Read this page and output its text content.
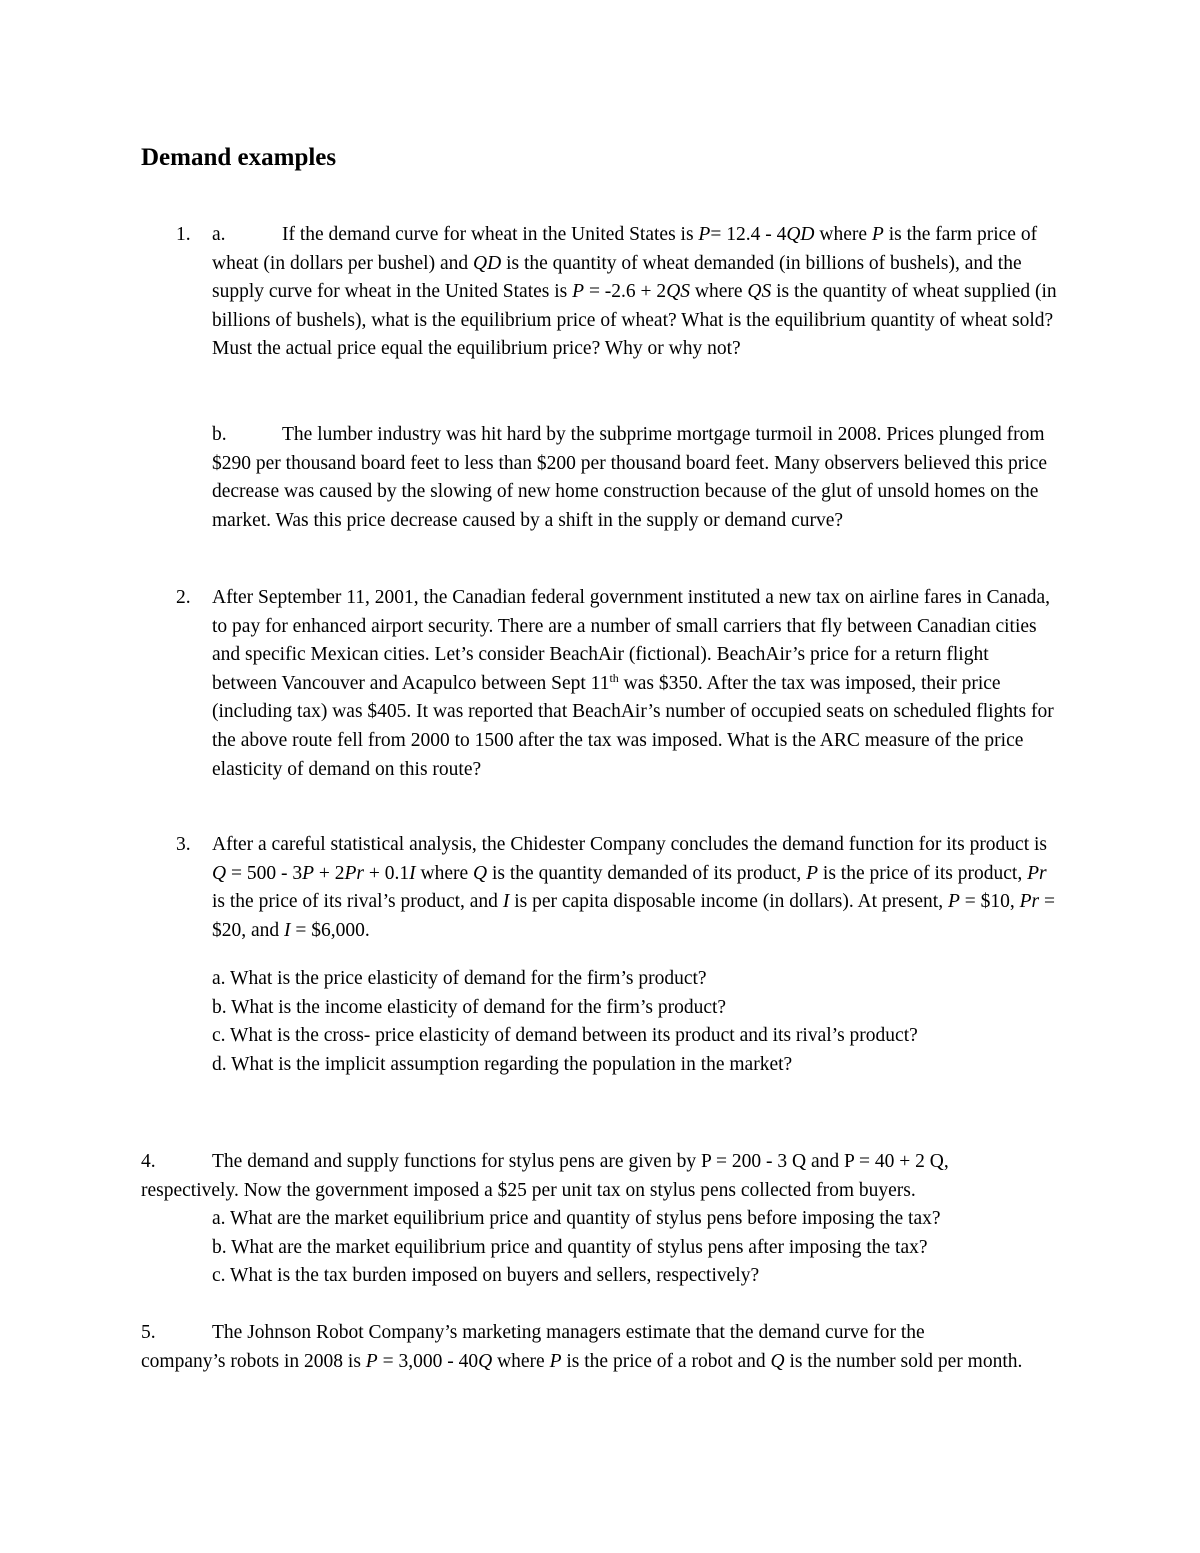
Demand examples
1. a.	If the demand curve for wheat in the United States is P= 12.4 - 4QD where P is the farm price of wheat (in dollars per bushel) and QD is the quantity of wheat demanded (in billions of bushels), and the supply curve for wheat in the United States is P = -2.6 + 2QS where QS is the quantity of wheat supplied (in billions of bushels), what is the equilibrium price of wheat? What is the equilibrium quantity of wheat sold? Must the actual price equal the equilibrium price? Why or why not?

b.	The lumber industry was hit hard by the subprime mortgage turmoil in 2008. Prices plunged from $290 per thousand board feet to less than $200 per thousand board feet. Many observers believed this price decrease was caused by the slowing of new home construction because of the glut of unsold homes on the market. Was this price decrease caused by a shift in the supply or demand curve?

2. After September 11, 2001, the Canadian federal government instituted a new tax on airline fares in Canada, to pay for enhanced airport security. There are a number of small carriers that fly between Canadian cities and specific Mexican cities. Let’s consider BeachAir (fictional). BeachAir’s price for a return flight between Vancouver and Acapulco between Sept 11th was $350. After the tax was imposed, their price (including tax) was $405. It was reported that BeachAir’s number of occupied seats on scheduled flights for the above route fell from 2000 to 1500 after the tax was imposed. What is the ARC measure of the price elasticity of demand on this route?

3. After a careful statistical analysis, the Chidester Company concludes the demand function for its product is Q = 500 - 3P + 2Pr + 0.1I where Q is the quantity demanded of its product, P is the price of its product, Pr is the price of its rival’s product, and I is per capita disposable income (in dollars). At present, P = $10, Pr = $20, and I = $6,000.

a. What is the price elasticity of demand for the firm’s product?
b. What is the income elasticity of demand for the firm’s product?
c. What is the cross- price elasticity of demand between its product and its rival’s product?
d. What is the implicit assumption regarding the population in the market?
4.	The demand and supply functions for stylus pens are given by P = 200 - 3 Q and P = 40 + 2 Q,
respectively. Now the government imposed a $25 per unit tax on stylus pens collected from buyers.
a. What are the market equilibrium price and quantity of stylus pens before imposing the tax?
b. What are the market equilibrium price and quantity of stylus pens after imposing the tax?
c. What is the tax burden imposed on buyers and sellers, respectively?
5.	The Johnson Robot Company’s marketing managers estimate that the demand curve for the

company’s robots in 2008 is P = 3,000 - 40Q where P is the price of a robot and Q is the number sold per month.
